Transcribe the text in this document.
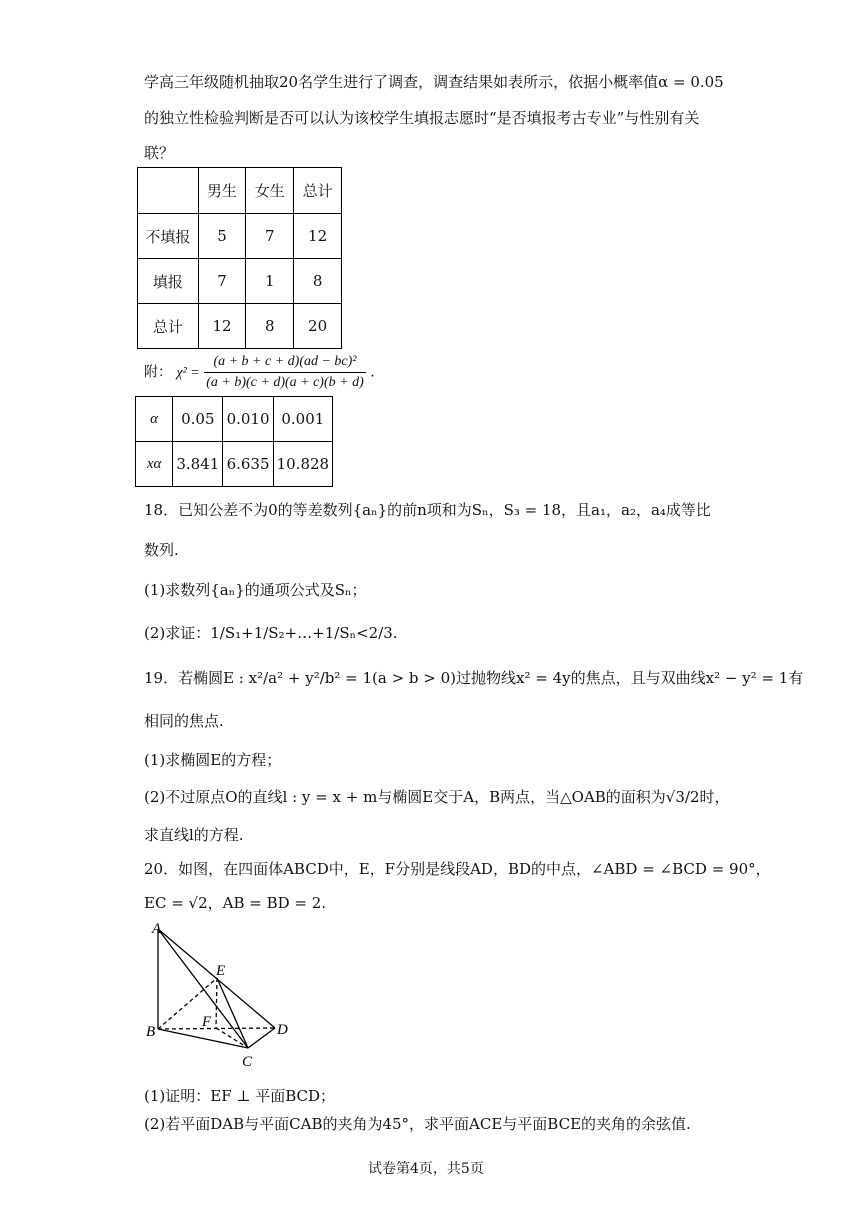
学高三年级随机抽取20名学生进行了调查，调查结果如表所示，依据小概率值α = 0.05
的独立性检验判断是否可以认为该校学生填报志愿时“是否填报考古专业”与性别有关
联？
	男生	女生	总计
不填报	5	7	12
填报	7	1	8
总计	12	8	20
附： $\chi^2 = \frac{\text{(a + b + c + d)(ad − bc)²}}{(a + b)(c + d)(a + c)(b + d)}$ .
α	0.05	0.010	0.001
xα	3.841	6.635	10.828
18．已知公差不为0的等差数列{aₙ}的前n项和为Sₙ，S₃ = 18，且a₁，a₂，a₄成等比
数列.
(1)求数列{aₙ}的通项公式及Sₙ；
(2)求证：1/S₁+1/S₂+…+1/Sₙ<2/3.
19．若椭圆E : x²/a² + y²/b² = 1(a > b > 0)过抛物线x² = 4y的焦点，且与双曲线x² − y² = 1有
相同的焦点.
(1)求椭圆E的方程；
(2)不过原点O的直线l : y = x + m与椭圆E交于A，B两点，当△OAB的面积为√3/2时，
求直线l的方程.
20．如图，在四面体ABCD中，E，F分别是线段AD，BD的中点，∠ABD = ∠BCD = 90°，
EC = √2，AB = BD = 2.
A
E
F
B	D
C
(1)证明：EF ⊥ 平面BCD；
(2)若平面DAB与平面CAB的夹角为45°，求平面ACE与平面BCE的夹角的余弦值.
试卷第4页，共5页
